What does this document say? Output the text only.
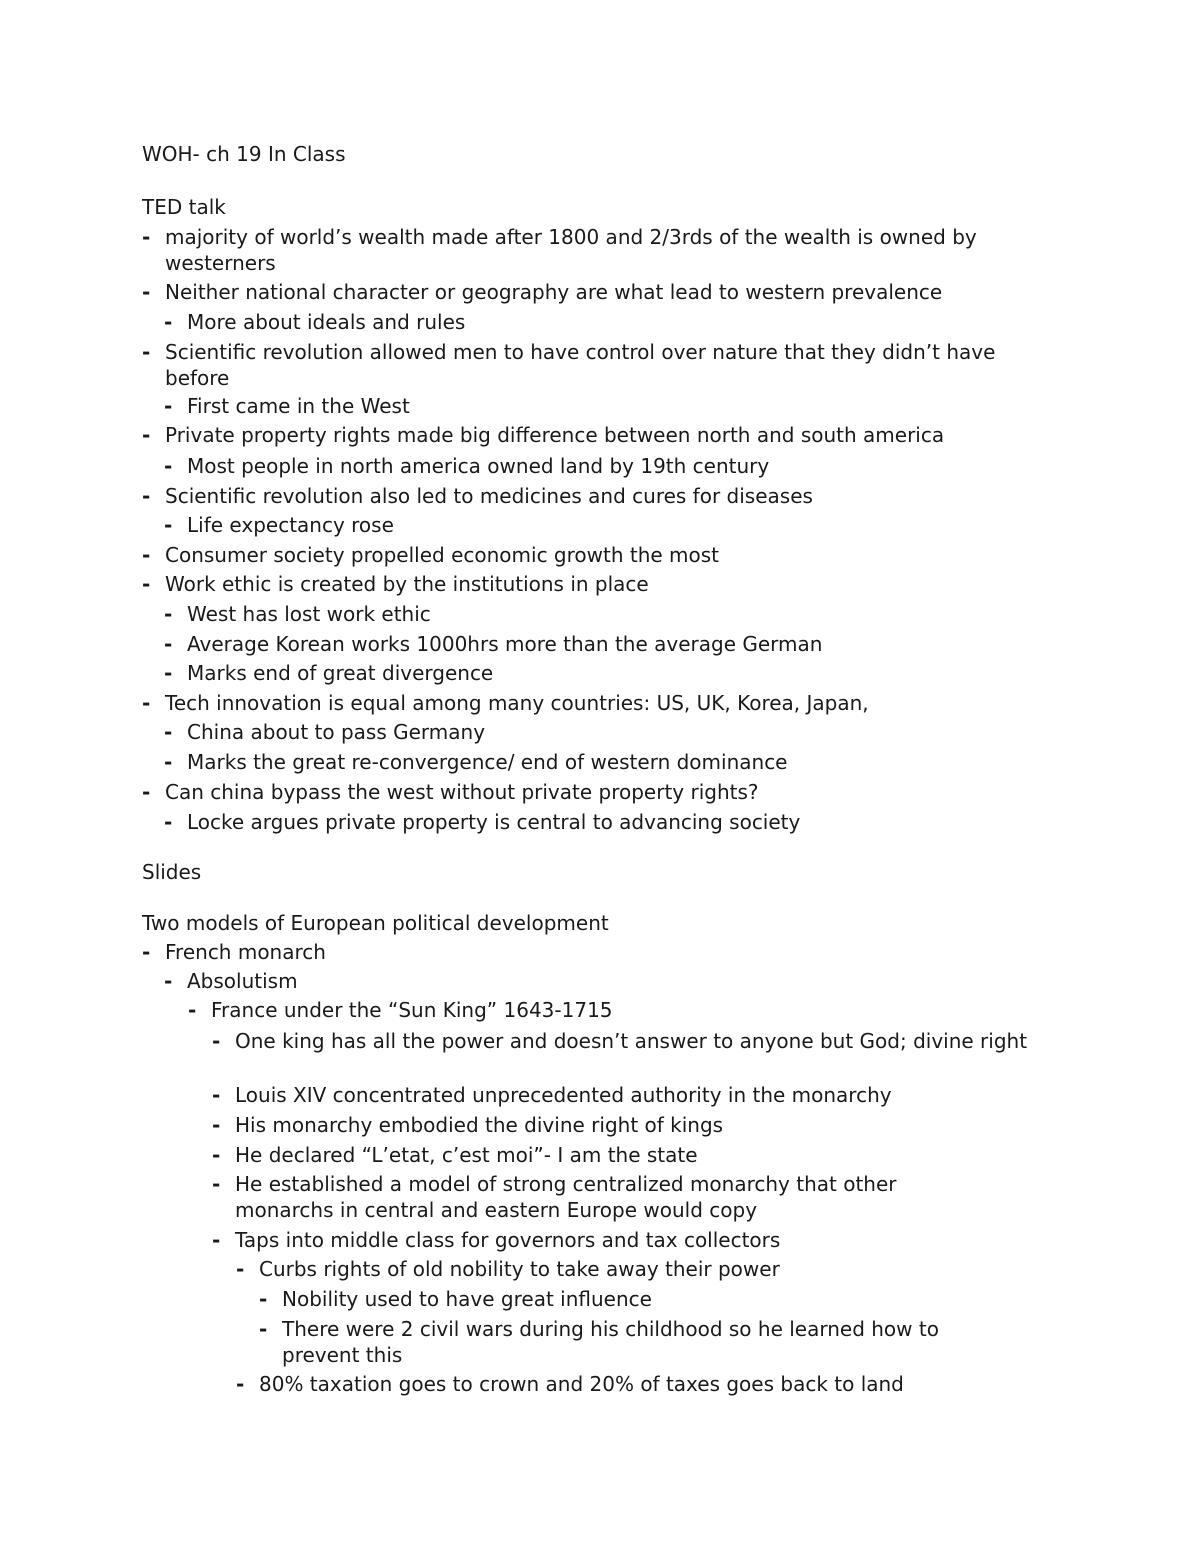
WOH- ch 19 In Class
TED talk
- majority of world’s wealth made after 1800 and 2/3rds of the wealth is owned by westerners
- Neither national character or geography are what lead to western prevalence
- More about ideals and rules
- Scientific revolution allowed men to have control over nature that they didn’t have before
- First came in the West
- Private property rights made big difference between north and south america
- Most people in north america owned land by 19th century
- Scientific revolution also led to medicines and cures for diseases
- Life expectancy rose
- Consumer society propelled economic growth the most
- Work ethic is created by the institutions in place
- West has lost work ethic
- Average Korean works 1000hrs more than the average German
- Marks end of great divergence
- Tech innovation is equal among many countries: US, UK, Korea, Japan,
- China about to pass Germany
- Marks the great re-convergence/ end of western dominance
- Can china bypass the west without private property rights?
- Locke argues private property is central to advancing society
Slides
Two models of European political development
- French monarch
- Absolutism
- France under the “Sun King” 1643-1715
- One king has all the power and doesn’t answer to anyone but God; divine right
- Louis XIV concentrated unprecedented authority in the monarchy
- His monarchy embodied the divine right of kings
- He declared “L’etat, c’est moi”- I am the state
- He established a model of strong centralized monarchy that other monarchs in central and eastern Europe would copy
- Taps into middle class for governors and tax collectors
- Curbs rights of old nobility to take away their power
- Nobility used to have great influence
- There were 2 civil wars during his childhood so he learned how to prevent this
- 80% taxation goes to crown and 20% of taxes goes back to land
